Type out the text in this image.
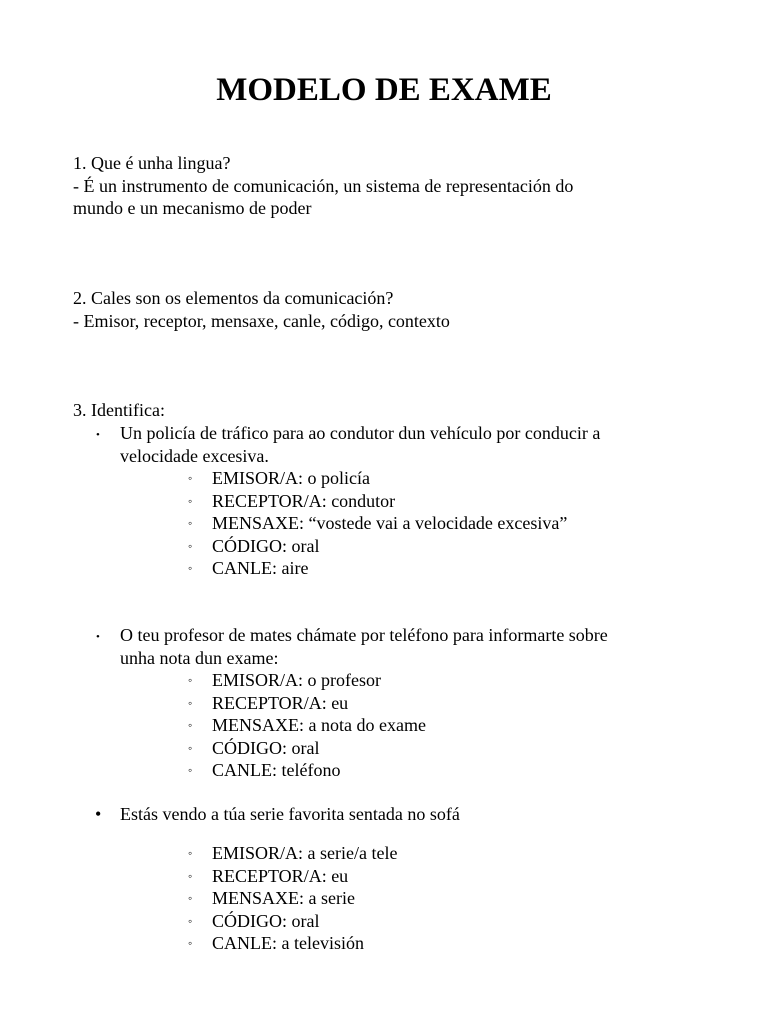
MODELO DE EXAME
1. Que é unha lingua?
- É un instrumento de comunicación, un sistema de representación do
mundo e un mecanismo de poder
2. Cales son os elementos da comunicación?
- Emisor, receptor, mensaxe, canle, código, contexto
3. Identifica:
•	Un policía de tráfico para ao condutor dun vehículo por conducir a
velocidade excesiva.
◦ EMISOR/A: o policía
◦ RECEPTOR/A: condutor
◦ MENSAXE: “vostede vai a velocidade excesiva”
◦ CÓDIGO: oral
◦ CANLE: aire
•	O teu profesor de mates chámate por teléfono para informarte sobre
unha nota dun exame:
◦ EMISOR/A: o profesor
◦ RECEPTOR/A: eu
◦ MENSAXE: a nota do exame
◦ CÓDIGO: oral
◦ CANLE: teléfono
•	Estás vendo a túa serie favorita sentada no sofá
◦ EMISOR/A: a serie/a tele
◦ RECEPTOR/A: eu
◦ MENSAXE: a serie
◦ CÓDIGO: oral
◦ CANLE: a televisión
